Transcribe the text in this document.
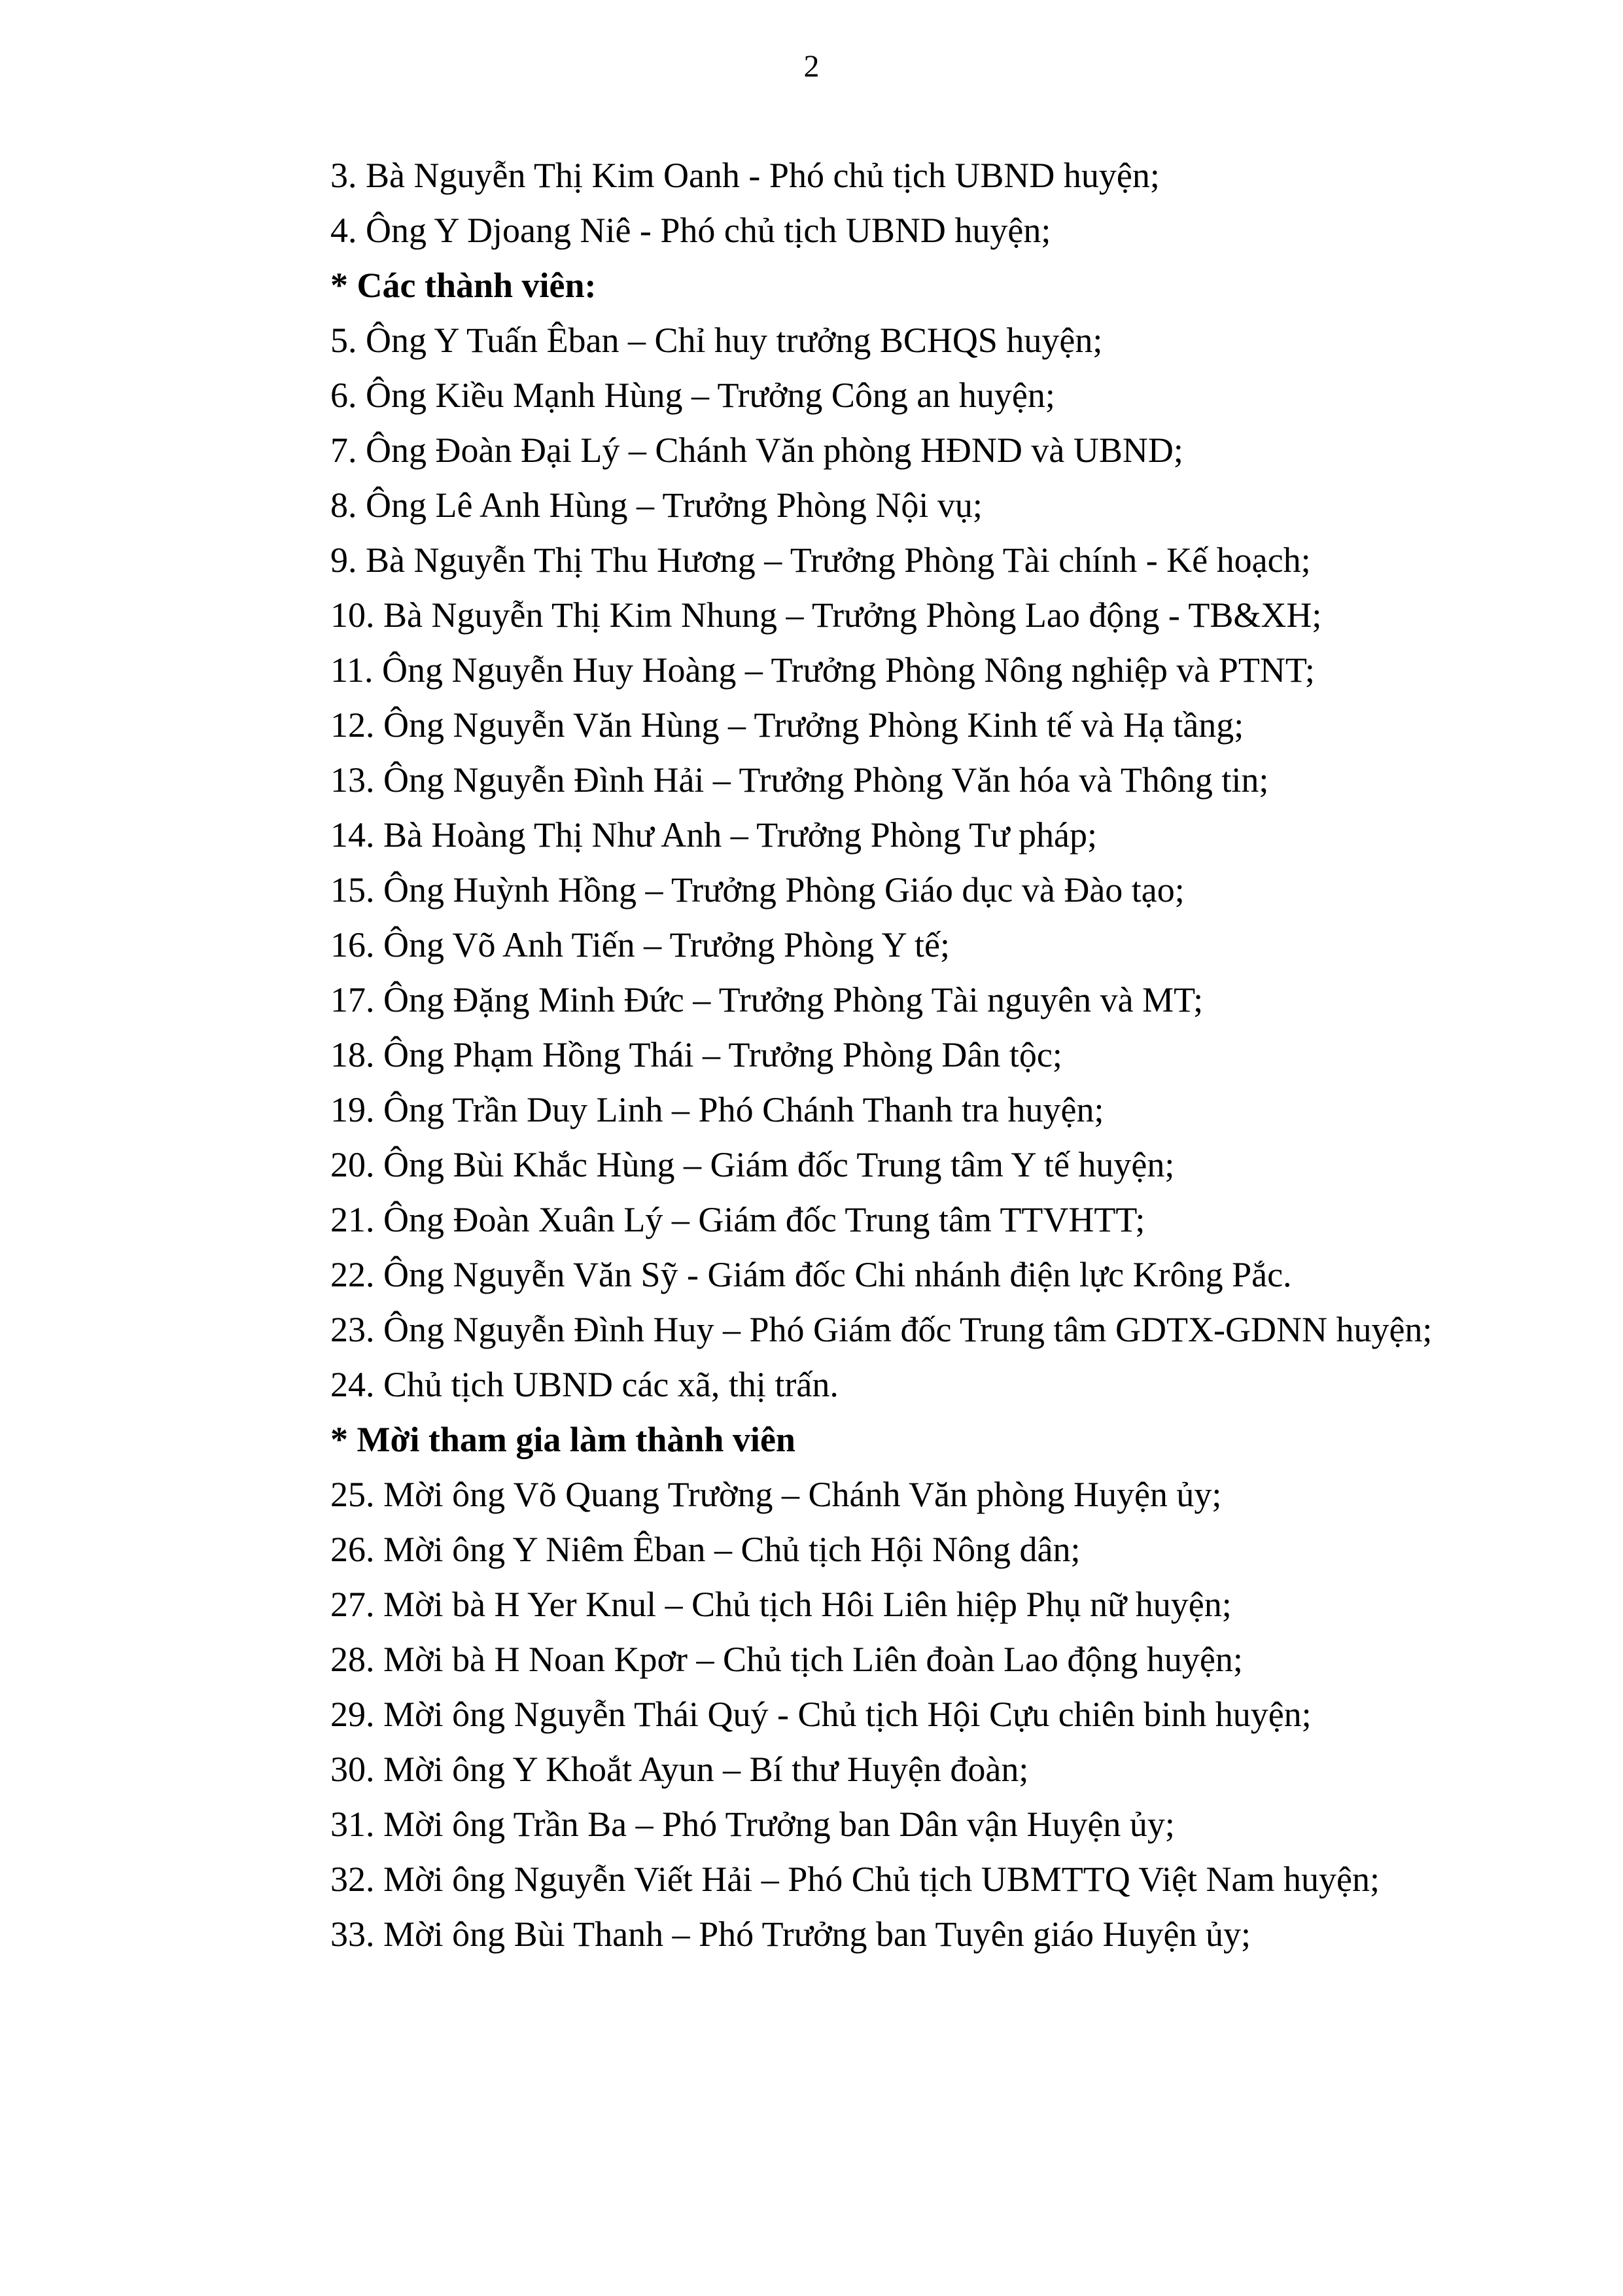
2

3. Bà Nguyễn Thị Kim Oanh - Phó chủ tịch UBND huyện;

4. Ông Y Djoang Niê - Phó chủ tịch UBND huyện;

* Các thành viên:

5. Ông Y Tuấn Êban – Chỉ huy trưởng BCHQS huyện;

6. Ông Kiều Mạnh Hùng – Trưởng Công an huyện;

7. Ông Đoàn Đại Lý – Chánh Văn phòng HĐND và UBND;

8. Ông Lê Anh Hùng – Trưởng Phòng Nội vụ;

9. Bà Nguyễn Thị Thu Hương – Trưởng Phòng Tài chính - Kế hoạch;

10. Bà Nguyễn Thị Kim Nhung – Trưởng Phòng Lao động - TB&XH;

11. Ông Nguyễn Huy Hoàng – Trưởng Phòng Nông nghiệp và PTNT;

12. Ông Nguyễn Văn Hùng – Trưởng Phòng Kinh tế và Hạ tầng;

13. Ông Nguyễn Đình Hải – Trưởng Phòng Văn hóa và Thông tin;

14. Bà Hoàng Thị Như Anh – Trưởng Phòng Tư pháp;

15. Ông Huỳnh Hồng – Trưởng Phòng Giáo dục và Đào tạo;

16. Ông Võ Anh Tiến – Trưởng Phòng Y tế;

17. Ông Đặng Minh Đức – Trưởng Phòng Tài nguyên và MT;

18. Ông Phạm Hồng Thái – Trưởng Phòng Dân tộc;

19. Ông Trần Duy Linh – Phó Chánh Thanh tra huyện;

20. Ông Bùi Khắc Hùng – Giám đốc Trung tâm Y tế huyện;

21. Ông Đoàn Xuân Lý – Giám đốc Trung tâm TTVHTT;

22. Ông Nguyễn Văn Sỹ - Giám đốc Chi nhánh điện lực Krông Pắc.

23. Ông Nguyễn Đình Huy – Phó Giám đốc Trung tâm GDTX-GDNN huyện;

24. Chủ tịch UBND các xã, thị trấn.

* Mời tham gia làm thành viên

25. Mời ông Võ Quang Trường – Chánh Văn phòng Huyện ủy;

26. Mời ông Y Niêm Êban – Chủ tịch Hội Nông dân;

27. Mời bà H Yer Knul – Chủ tịch Hôi Liên hiệp Phụ nữ huyện;

28. Mời bà H Noan Kpơr – Chủ tịch Liên đoàn Lao động huyện;

29. Mời ông Nguyễn Thái Quý - Chủ tịch Hội Cựu chiên binh huyện;

30. Mời ông Y Khoắt Ayun – Bí thư Huyện đoàn;

31. Mời ông Trần Ba – Phó Trưởng ban Dân vận Huyện ủy;

32. Mời ông Nguyễn Viết Hải – Phó Chủ tịch UBMTTQ Việt Nam huyện;

33. Mời ông Bùi Thanh – Phó Trưởng ban Tuyên giáo Huyện ủy;
